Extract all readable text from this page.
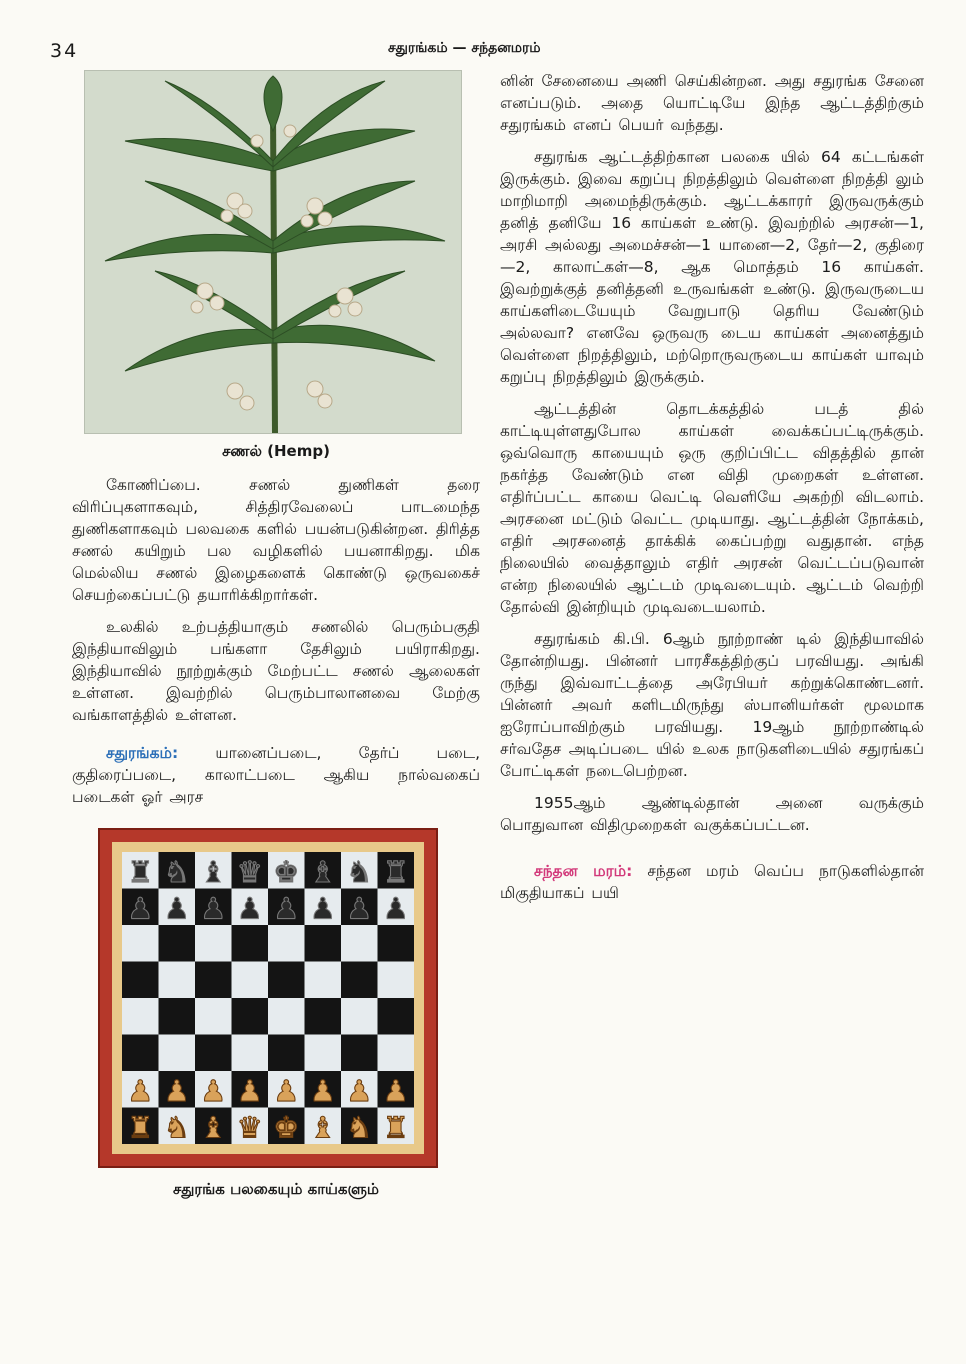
34	சதுரங்கம் — சந்தனமரம்
சணல் (Hemp)

கோணிப்பை. சணல் துணிகள் தரை விரிப்புகளாகவும், சித்திரவேலைப் பாடமைந்த துணிகளாகவும் பலவகை களில் பயன்படுகின்றன. திரித்த சணல் கயிறும் பல வழிகளில் பயனாகிறது. மிக மெல்லிய சணல் இழைகளைக் கொண்டு ஒருவகைச் செயற்கைப்பட்டு தயாரிக்கிறார்கள்.

உலகில் உற்பத்தியாகும் சணலில் பெரும்பகுதி இந்தியாவிலும் பங்களா தேசிலும் பயிராகிறது. இந்தியாவில் நூற்றுக்கும் மேற்பட்ட சணல் ஆலைகள் உள்ளன. இவற்றில் பெரும்பாலானவை மேற்கு வங்காளத்தில் உள்ளன.

சதுரங்கம்: யானைப்படை, தேர்ப் படை, குதிரைப்படை, காலாட்படை ஆகிய நால்வகைப் படைகள் ஓர் அரச

சதுரங்க பலகையும் காய்களும்

னின் சேனையை அணி செய்கின்றன. அது சதுரங்க சேனை எனப்படும். அதை யொட்டியே இந்த ஆட்டத்திற்கும் சதுரங்கம் எனப் பெயர் வந்தது.

சதுரங்க ஆட்டத்திற்கான பலகை யில் 64 கட்டங்கள் இருக்கும். இவை கறுப்பு நிறத்திலும் வெள்ளை நிறத்தி லும் மாறிமாறி அமைந்திருக்கும். ஆட்டக்காரர் இருவருக்கும் தனித் தனியே 16 காய்கள் உண்டு. இவற்றில் அரசன்—1, அரசி அல்லது அமைச்சன்—1 யானை—2, தேர்—2, குதிரை—2, காலாட்கள்—8, ஆக மொத்தம் 16 காய்கள். இவற்றுக்குத் தனித்தனி உருவங்கள் உண்டு. இருவருடைய காய்களிடையேயும் வேறுபாடு தெரிய வேண்டும் அல்லவா? எனவே ஒருவரு டைய காய்கள் அனைத்தும் வெள்ளை நிறத்திலும், மற்றொருவருடைய காய்கள் யாவும் கறுப்பு நிறத்திலும் இருக்கும்.

ஆட்டத்தின் தொடக்கத்தில் படத் தில் காட்டியுள்ளதுபோல காய்கள் வைக்கப்பட்டிருக்கும். ஒவ்வொரு காயையும் ஒரு குறிப்பிட்ட விதத்தில் தான் நகர்த்த வேண்டும் என விதி முறைகள் உள்ளன. எதிர்ப்பட்ட காயை வெட்டி வெளியே அகற்றி விடலாம். அரசனை மட்டும் வெட்ட முடியாது. ஆட்டத்தின் நோக்கம், எதிர் அரசனைத் தாக்கிக் கைப்பற்று வதுதான். எந்த நிலையில் வைத்தாலும் எதிர் அரசன் வெட்டப்படுவான் என்ற நிலையில் ஆட்டம் முடிவடையும். ஆட்டம் வெற்றி தோல்வி இன்றியும் முடிவடையலாம்.

சதுரங்கம் கி.பி. 6ஆம் நூற்றாண் டில் இந்தியாவில் தோன்றியது. பின்னர் பாரசீகத்திற்குப் பரவியது. அங்கி ருந்து இவ்வாட்டத்தை அரேபியர் கற்றுக்கொண்டனர். பின்னர் அவர் களிடமிருந்து ஸ்பானியர்கள் மூலமாக ஐரோப்பாவிற்கும் பரவியது. 19ஆம் நூற்றாண்டில் சர்வதேச அடிப்படை யில் உலக நாடுகளிடையில் சதுரங்கப் போட்டிகள் நடைபெற்றன.

1955ஆம் ஆண்டில்தான் அனை வருக்கும் பொதுவான விதிமுறைகள் வகுக்கப்பட்டன.

சந்தன மரம்: சந்தன மரம் வெப்ப நாடுகளில்தான் மிகுதியாகப் பயி
